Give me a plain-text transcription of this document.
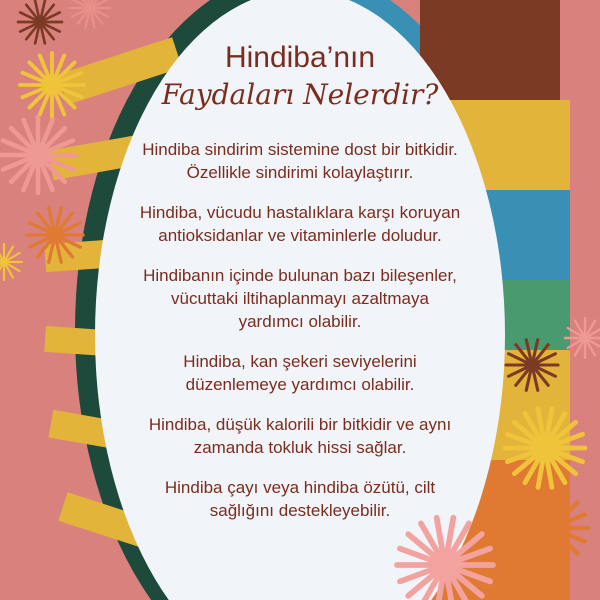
Hindiba’nın

Faydaları Nelerdir?

Hindiba sindirim sistemine dost bir bitkidir.
Özellikle sindirimi kolaylaştırır.

Hindiba, vücudu hastalıklara karşı koruyan
antioksidanlar ve vitaminlerle doludur.

Hindibanın içinde bulunan bazı bileşenler,
vücuttaki iltihaplanmayı azaltmaya
yardımcı olabilir.

Hindiba, kan şekeri seviyelerini
düzenlemeye yardımcı olabilir.

Hindiba, düşük kalorili bir bitkidir ve aynı
zamanda tokluk hissi sağlar.

Hindiba çayı veya hindiba özütü, cilt
sağlığını destekleyebilir.
